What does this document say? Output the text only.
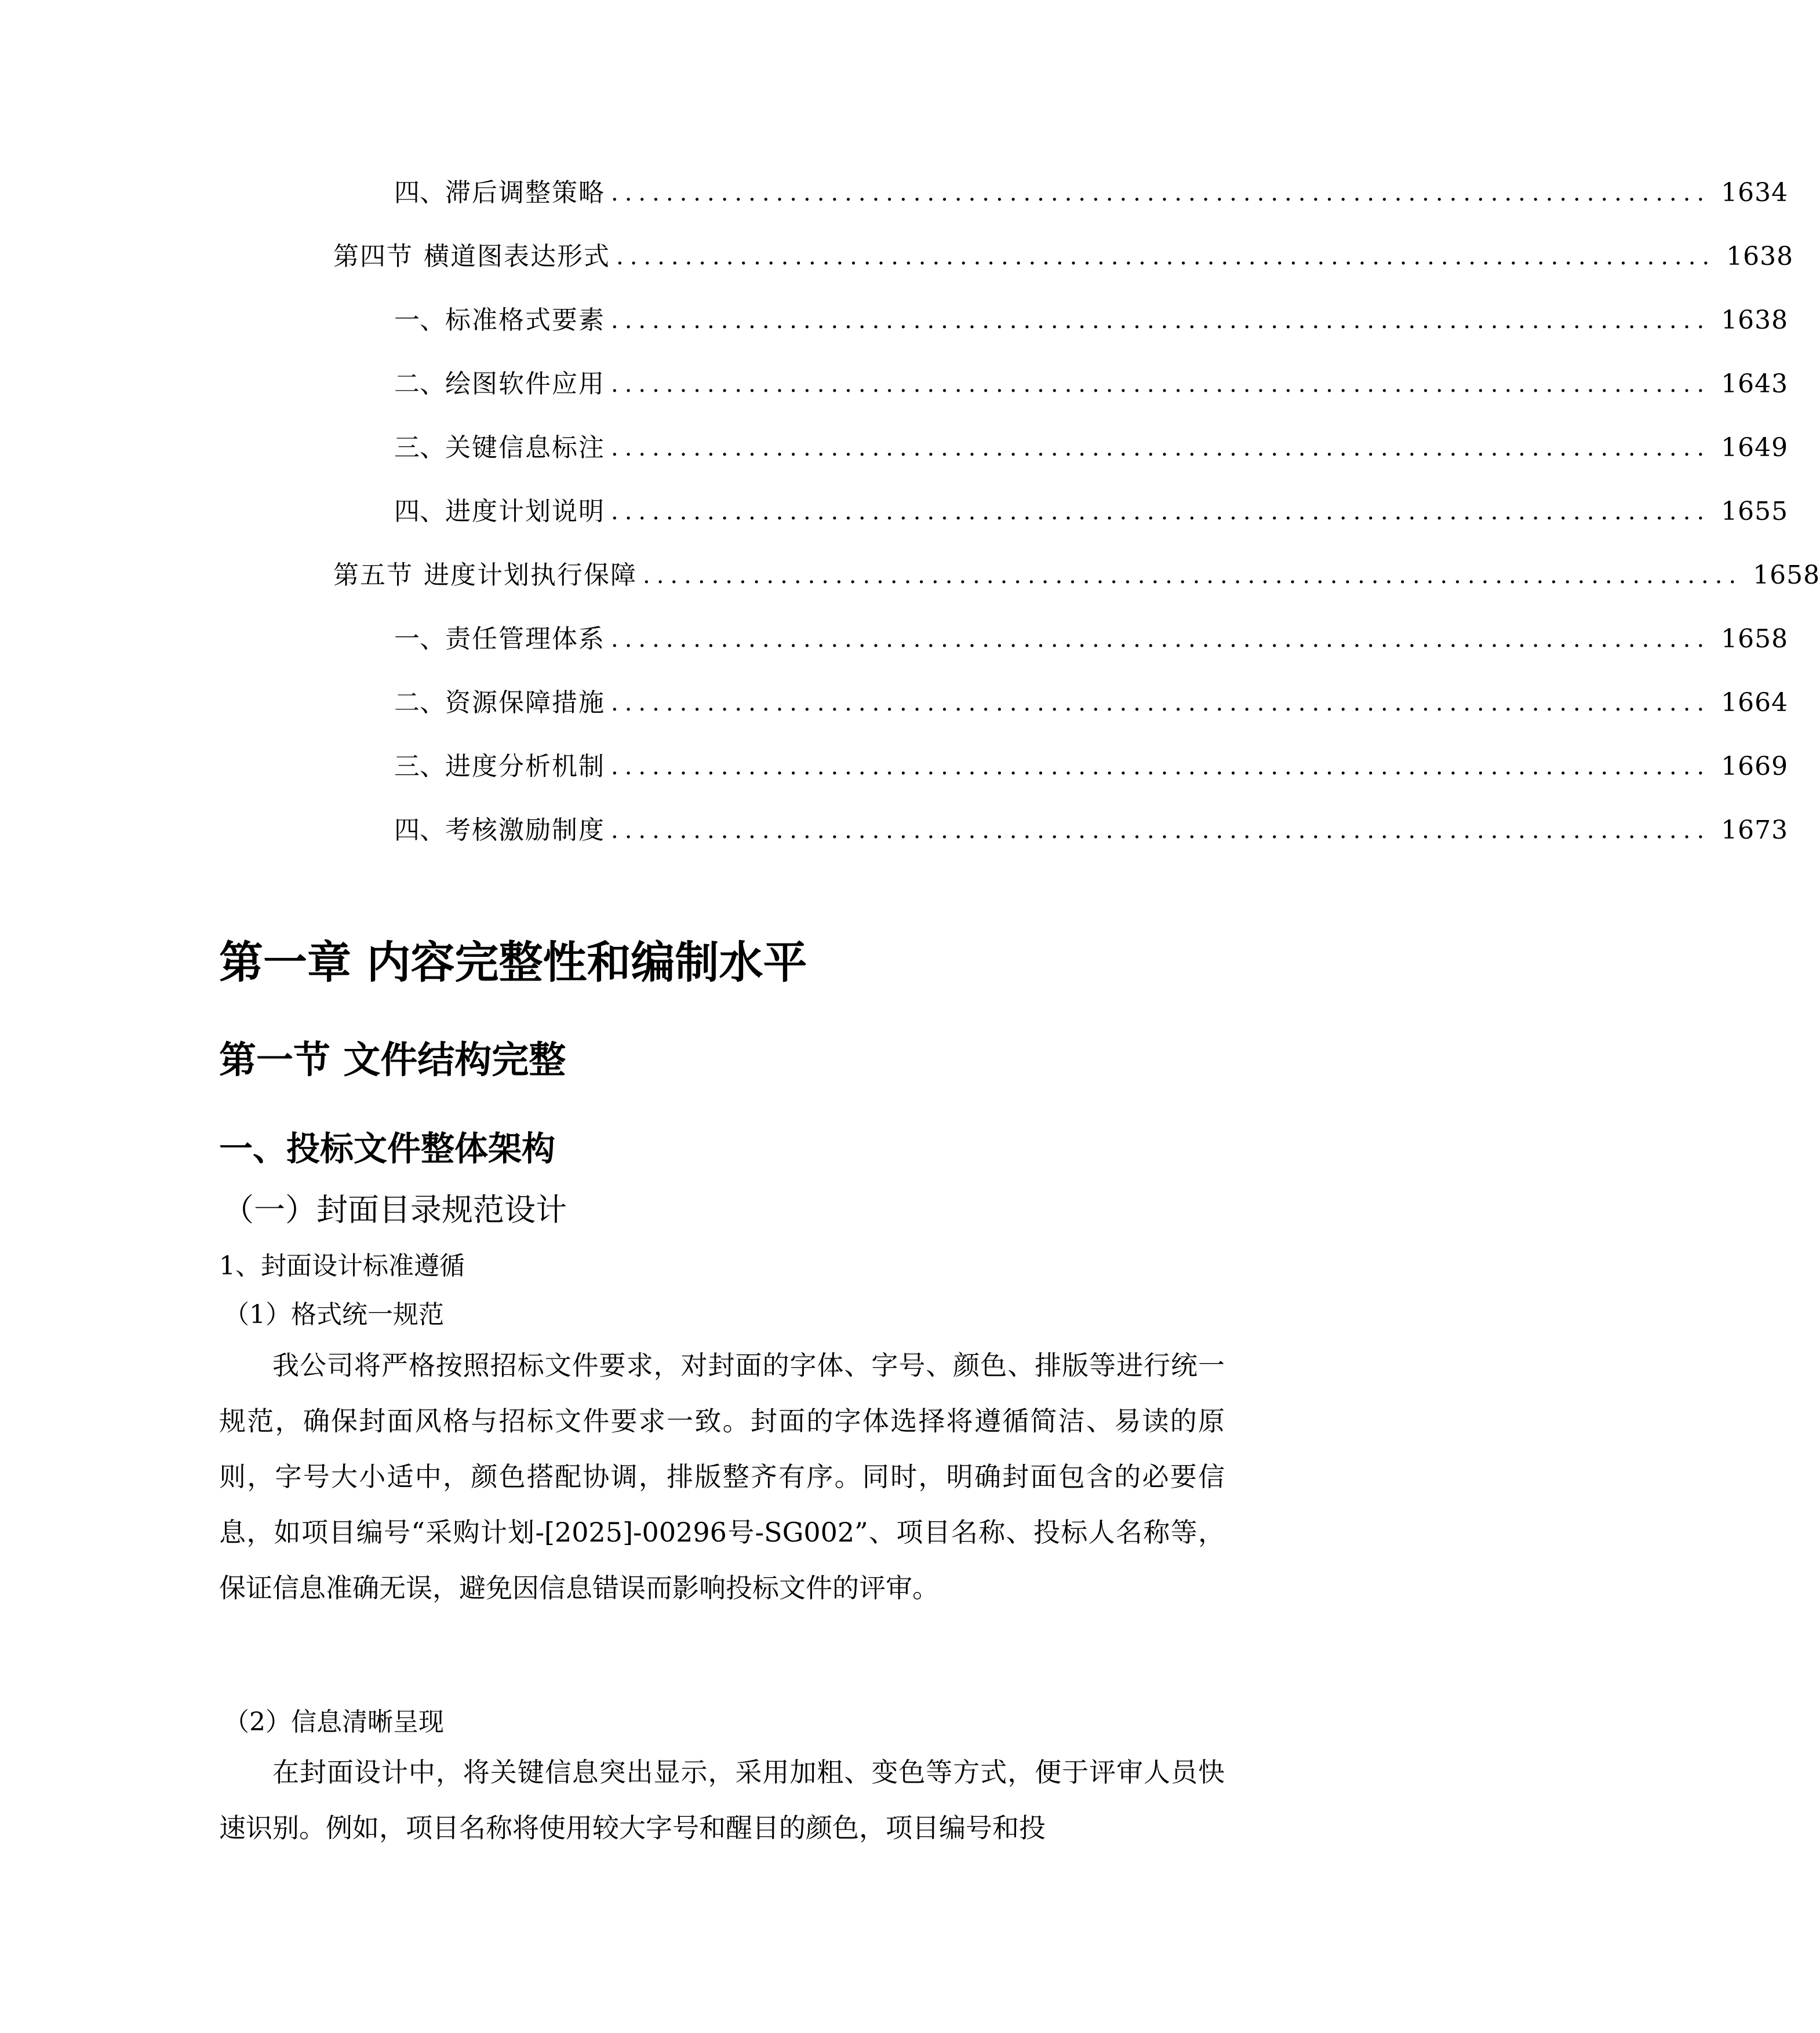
四、 滞后调整策略 ................................................................................ 1634
第四节 横道图表达形式 ................................................................................ 1638
一、 标准格式要素 ................................................................................ 1638
二、 绘图软件应用 ................................................................................ 1643
三、 关键信息标注 ................................................................................ 1649
四、 进度计划说明 ................................................................................ 1655
第五节 进度计划执行保障 ................................................................................ 1658
一、 责任管理体系 ................................................................................ 1658
二、 资源保障措施 ................................................................................ 1664
三、 进度分析机制 ................................................................................ 1669
四、 考核激励制度 ................................................................................ 1673
第一章 内容完整性和编制水平
第一节 文件结构完整
一、投标文件整体架构
（一）封面目录规范设计
1、封面设计标准遵循
（1）格式统一规范

我公司将严格按照招标文件要求，对封面的字体、字号、颜色、排版等进行统一规范，确保封面风格与招标文件要求一致。封面的字体选择将遵循简洁、易读的原则，字号大小适中，颜色搭配协调，排版整齐有序。同时，明确封面包含的必要信息，如项目编号“采购计划-[2025]-00296号-SG002”、项目名称、投标人名称等，保证信息准确无误，避免因信息错误而影响投标文件的评审。

（2）信息清晰呈现

在封面设计中，将关键信息突出显示，采用加粗、变色等方式，便于评审人员快速识别。例如，项目名称将使用较大字号和醒目的颜色，项目编号和投
